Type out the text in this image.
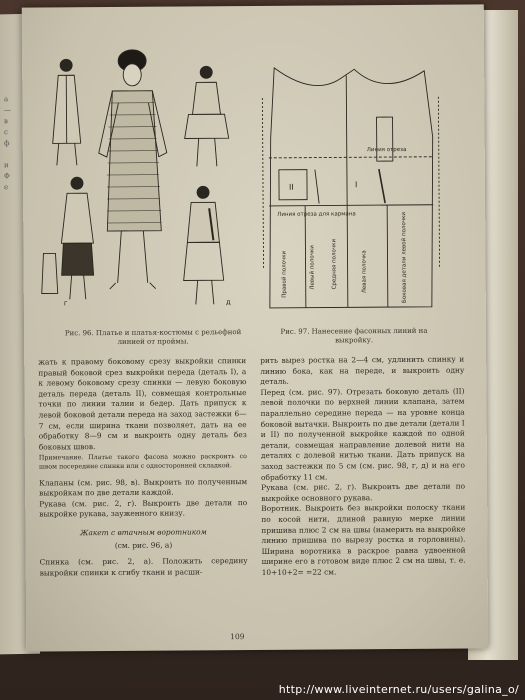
а
—
в
с
ф

и
Ф
е
г	д
Линия отреза для кармана
Линия отреза
Правой полочки	Левый полочки	Средняя полочки	Левая полочка	Боковая детали левой полочки
II	I
Рис. 96. Платье и платья-костюмы с рельефной линией от проймы.
Рис. 97. Нанесение фасонных линий на выкройку.

жать к правому боковому срезу выкройки спинки правый боковой срез выкройки переда (деталь I), а к левому боковому срезу спинки — левую боковую деталь переда (деталь II), совмещая контрольные точки по линии талии и бедер. Дать припуск к левой боковой детали переда на заход застежки 6—7 см, если ширина ткани позволяет, дать на ее обработку 8—9 см и выкроить одну деталь без боковых швов.

Примечание. Платье такого фасона можно раскроить со швом посередине спинки или с односторонней складкой.

Клапаны (см. рис. 98, в). Выкроить по полученным выкройкам по две детали каждой.

Рукава (см. рис. 2, г). Выкроить две детали по выкройке рукава, зауженного книзу.

Жакет с втачным воротником

(см. рис. 96, а)

Спинка (см. рис. 2, а). Положить середину выкройки спинки к сгибу ткани и расши-

рить вырез ростка на 2—4 см, удлинить спинку и линию бока, как на переде, и выкроить одну деталь.

Перед (см. рис. 97). Отрезать боковую деталь (II) левой полочки по верхней линии клапана, затем параллельно середине переда — на уровне конца боковой вытачки. Выкроить по две детали (детали I и II) по полученной выкройке каждой по одной детали, совмещая направление долевой нити на деталях с долевой нитью ткани. Дать припуск на заход застежки по 5 см (см. рис. 98, г, д) и на его обработку 11 см.

Рукава (см. рис. 2, г). Выкроить две детали по выкройке основного рукава.

Воротник. Выкроить без выкройки полоску ткани по косой нити, длиной равную мерке линии пришива плюс 2 см на швы (намерить на выкройке линию пришива по вырезу ростка и горловины). Ширина воротника в раскрое равна удвоенной ширине его в готовом виде плюс 2 см на швы, т. е. 10+10+2= =22 см.

109
http://www.liveinternet.ru/users/galina_o/
